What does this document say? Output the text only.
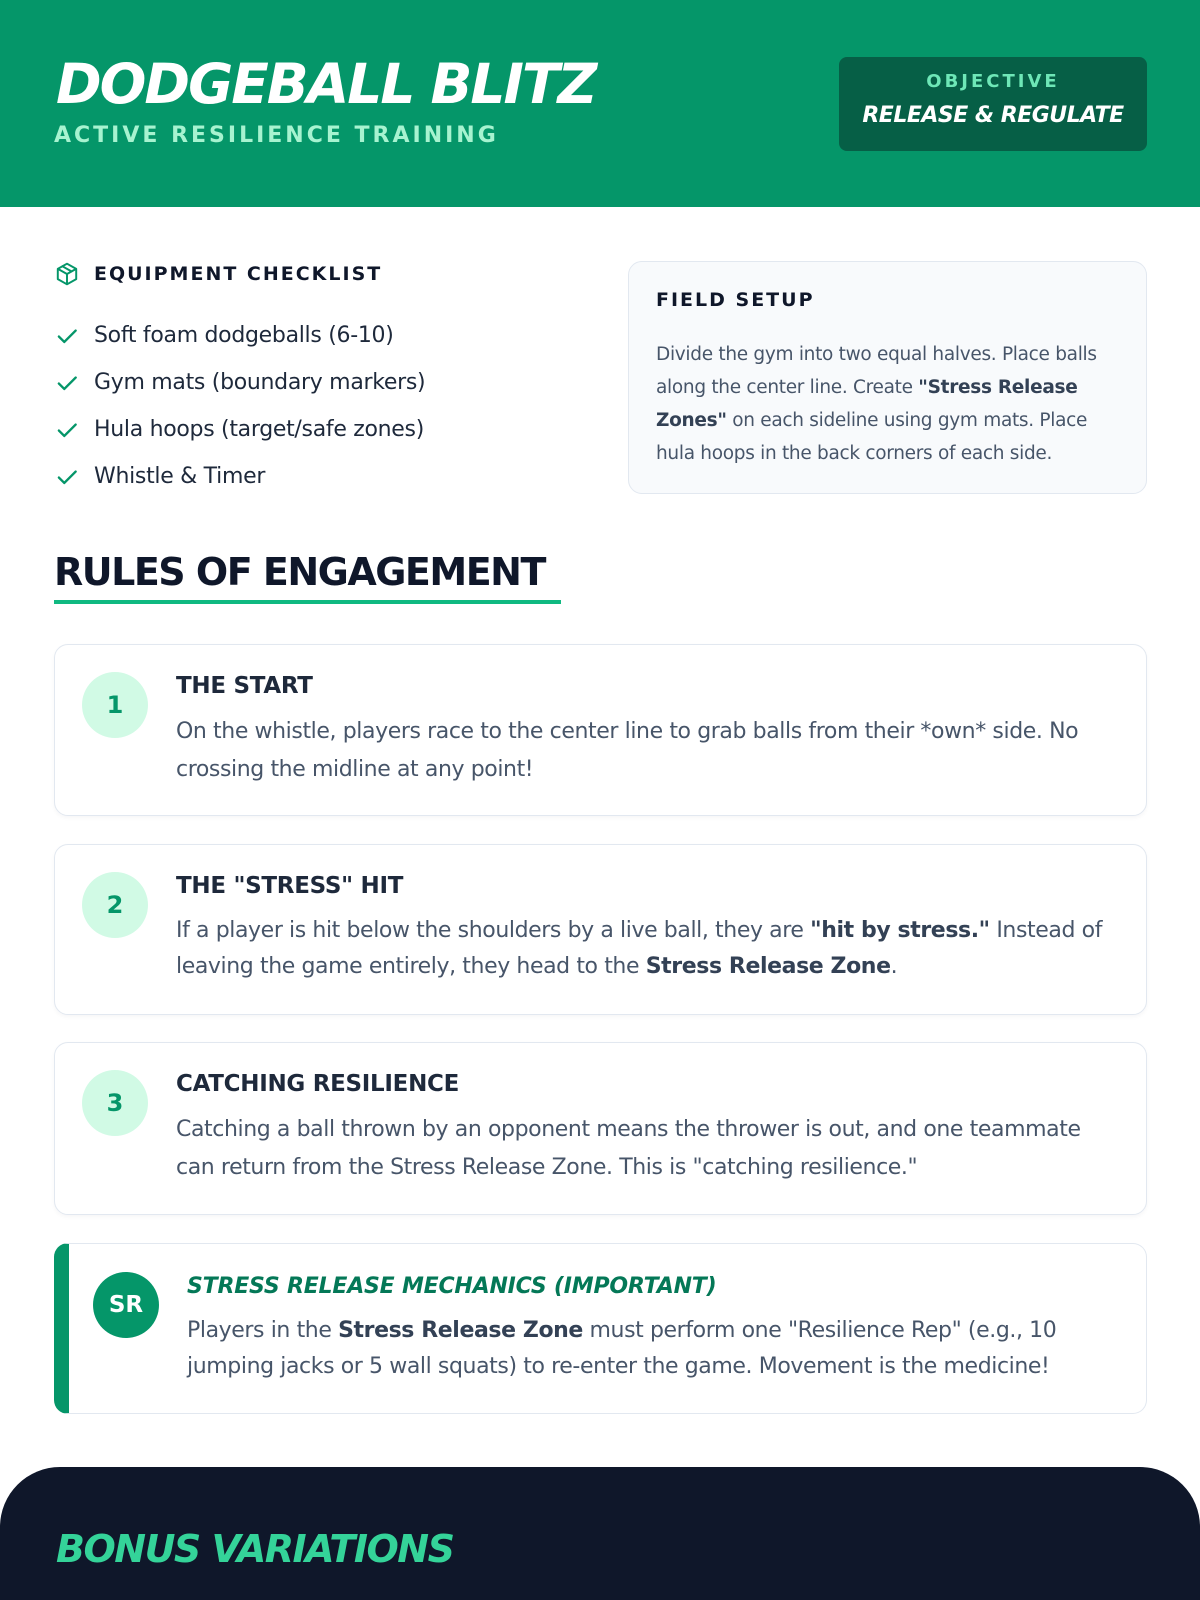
DODGEBALL BLITZ
ACTIVE RESILIENCE TRAINING
OBJECTIVE
RELEASE & REGULATE
EQUIPMENT CHECKLIST
Soft foam dodgeballs (6-10)
Gym mats (boundary markers)
Hula hoops (target/safe zones)
Whistle & Timer
FIELD SETUP
Divide the gym into two equal halves. Place balls along the center line. Create "Stress Release Zones" on each sideline using gym mats. Place hula hoops in the back corners of each side.
RULES OF ENGAGEMENT
1
THE START
On the whistle, players race to the center line to grab balls from their *own* side. No crossing the midline at any point!
2
THE "STRESS" HIT
If a player is hit below the shoulders by a live ball, they are "hit by stress." Instead of leaving the game entirely, they head to the Stress Release Zone.
3
CATCHING RESILIENCE
Catching a ball thrown by an opponent means the thrower is out, and one teammate can return from the Stress Release Zone. This is "catching resilience."
SR
STRESS RELEASE MECHANICS (IMPORTANT)
Players in the Stress Release Zone must perform one "Resilience Rep" (e.g., 10 jumping jacks or 5 wall squats) to re-enter the game. Movement is the medicine!
BONUS VARIATIONS
